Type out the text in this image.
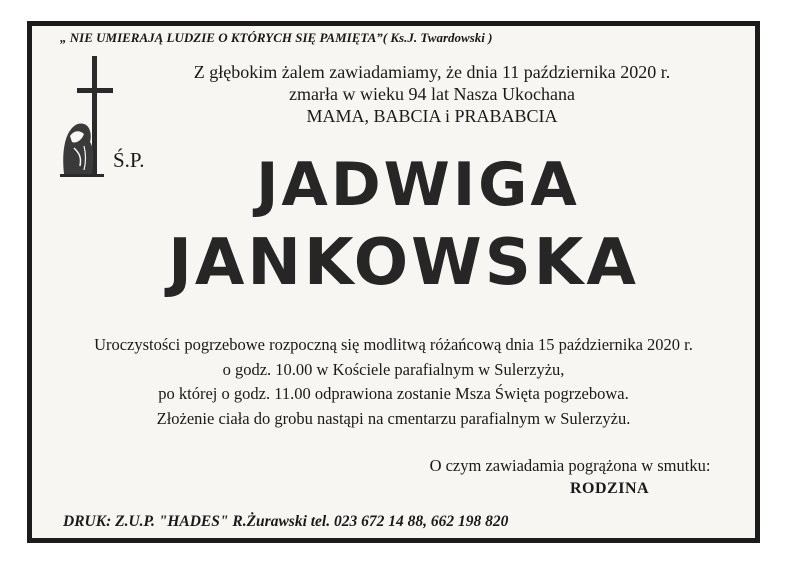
„ NIE UMIERAJĄ LUDZIE O KTÓRYCH SIĘ PAMIĘTA”( Ks.J. Twardowski )
Ś.P.
Z głębokim żalem zawiadamiamy, że dnia 11 października 2020 r.
zmarła w wieku 94 lat Nasza Ukochana
MAMA, BABCIA i PRABABCIA
JADWIGA
JANKOWSKA
Uroczystości pogrzebowe rozpoczną się modlitwą różańcową dnia 15 października 2020 r.
o godz. 10.00 w Kościele parafialnym w Sulerzyżu,
po której o godz. 11.00 odprawiona zostanie Msza Święta pogrzebowa.
Złożenie ciała do grobu nastąpi na cmentarzu parafialnym w Sulerzyżu.
O czym zawiadamia pogrążona w smutku:
RODZINA
DRUK: Z.U.P. "HADES" R.Żurawski tel. 023 672 14 88, 662 198 820
